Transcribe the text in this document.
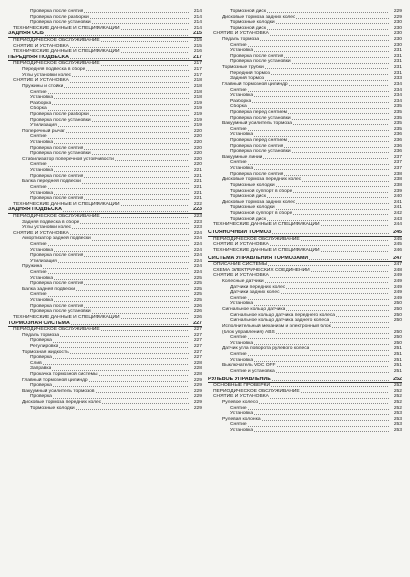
Проверка после снятия	214
Проверка после разборки	214
Проверка после установки	214
ТЕХНИЧЕСКИЕ ДАННЫЕ И СПЕЦИФИКАЦИИ	214
ЗАДНЯЯ ОСЬ	215
ПЕРИОДИЧЕСКОЕ ОБСЛУЖИВАНИЕ	215
СНЯТИЕ И УСТАНОВКА	215
ТЕХНИЧЕСКИЕ ДАННЫЕ И СПЕЦИФИКАЦИИ	216
ПЕРЕДНЯЯ ПОДВЕСКА	217
ПЕРИОДИЧЕСКОЕ ОБСЛУЖИВАНИЕ	217
Передняя подвеска в сборе	217
Углы установки колес	217
СНЯТИЕ И УСТАНОВКА	218
Пружины и стойки	218
Снятие	218
Установка	218
Разборка	219
Сборка	219
Проверка после разборки	219
Проверка после установки	219
Утилизация	219
Поперечный рычаг	220
Снятие	220
Установка	220
Проверка после снятия	220
Проверка после установки	220
Стабилизатор поперечной устойчивости	220
Снятие	220
Установка	221
Проверка после снятия	221
Балка передней подвески	221
Снятие	221
Установка	221
Проверка после снятия	221
ТЕХНИЧЕСКИЕ ДАННЫЕ И СПЕЦИФИКАЦИИ	222
ЗАДНЯЯ ПОДВЕСКА	223
ПЕРИОДИЧЕСКОЕ ОБСЛУЖИВАНИЕ	223
Задняя подвеска в сборе	223
Углы установки колес	223
СНЯТИЕ И УСТАНОВКА	224
Амортизатор задней подвески	224
Снятие	224
Установка	224
Проверка после снятия	224
Утилизация	224
Пружина	224
Снятие	224
Установка	225
Проверка после снятия	225
Балка задней подвески	225
Снятие	225
Установка	225
Проверка после снятия	226
Проверка после установки	226
ТЕХНИЧЕСКИЕ ДАННЫЕ И СПЕЦИФИКАЦИИ	226
ТОРМОЗНАЯ СИСТЕМА	227
ПЕРИОДИЧЕСКОЕ ОБСЛУЖИВАНИЕ	227
Педаль тормоза	227
Проверка	227
Регулировка	227
Тормозная жидкость	227
Проверка	227
Слив	228
Заправка	228
Прокачка тормозной системы	228
Главный тормозной цилиндр	229
Проверка	229
Вакуумный усилитель тормозов	229
Проверка	229
Дисковые тормоза передних колес	229
Тормозные колодки	229
Тормозной диск	229
Дисковые тормоза задних колес	229
Тормозные колодки	230
Тормозной диск	230
СНЯТИЕ И УСТАНОВКА	230
Педаль тормоза	230
Снятие	230
Установка	231
Проверка после снятия	231
Проверка после установки	231
Тормозные трубки	231
Передний тормоз	231
Задний тормоз	233
Главный тормозной цилиндр	234
Снятие	234
Установка	234
Разборка	234
Сборка	235
Проверка перед снятием	235
Проверка после установки	235
Вакуумный усилитель тормоза	235
Снятие	235
Установка	236
Проверка перед снятием	236
Проверка после снятия	236
Проверка после установки	236
Вакуумные линии	237
Снятие	237
Установка	237
Проверка после снятия	238
Дисковые тормоза передних колес	238
Тормозные колодки	238
Тормозной суппорт в сборе	239
Тормозной диск	240
Дисковые тормоза задних колес	241
Тормозные колодки	241
Тормозной суппорт в сборе	242
Тормозной диск	243
ТЕХНИЧЕСКИЕ ДАННЫЕ И СПЕЦИФИКАЦИИ	244
СТОЯНОЧНЫЙ ТОРМОЗ	245
ПЕРИОДИЧЕСКОЕ ОБСЛУЖИВАНИЕ	245
СНЯТИЕ И УСТАНОВКА	245
ТЕХНИЧЕСКИЕ ДАННЫЕ И СПЕЦИФИКАЦИИ	246
СИСТЕМА УПРАВЛЕНИЯ ТОРМОЗАМИ	247
ОПИСАНИЕ СИСТЕМЫ	247
СХЕМА ЭЛЕКТРИЧЕСКИХ СОЕДИНЕНИЙ	248
СНЯТИЕ И УСТАНОВКА	249
Колесные датчики	249
Датчики передних колес	249
Датчики задних колес	249
Снятие	249
Установка	250
Сигнальное кольцо датчика	250
Сигнальное кольцо датчика переднего колеса	250
Сигнальное кольцо датчика заднего колеса	250
Исполнительный механизм и электронный блок
(блок управления) ABS	250
Снятие	250
Установка	250
Датчик угла поворота рулевого колеса	251
Снятие	251
Установка	251
Выключатель VDC OFF	251
Снятие и установка	251
РУЛЕВОЕ УПРАВЛЕНИЕ	252
ОСНОВНЫЕ ПРОВЕРКИ	252
ПЕРИОДИЧЕСКОЕ ОБСЛУЖИВАНИЕ	252
СНЯТИЕ И УСТАНОВКА	252
Рулевое колесо	252
Снятие	252
Установка	253
Рулевая колонка	253
Снятие	253
Установка	253
